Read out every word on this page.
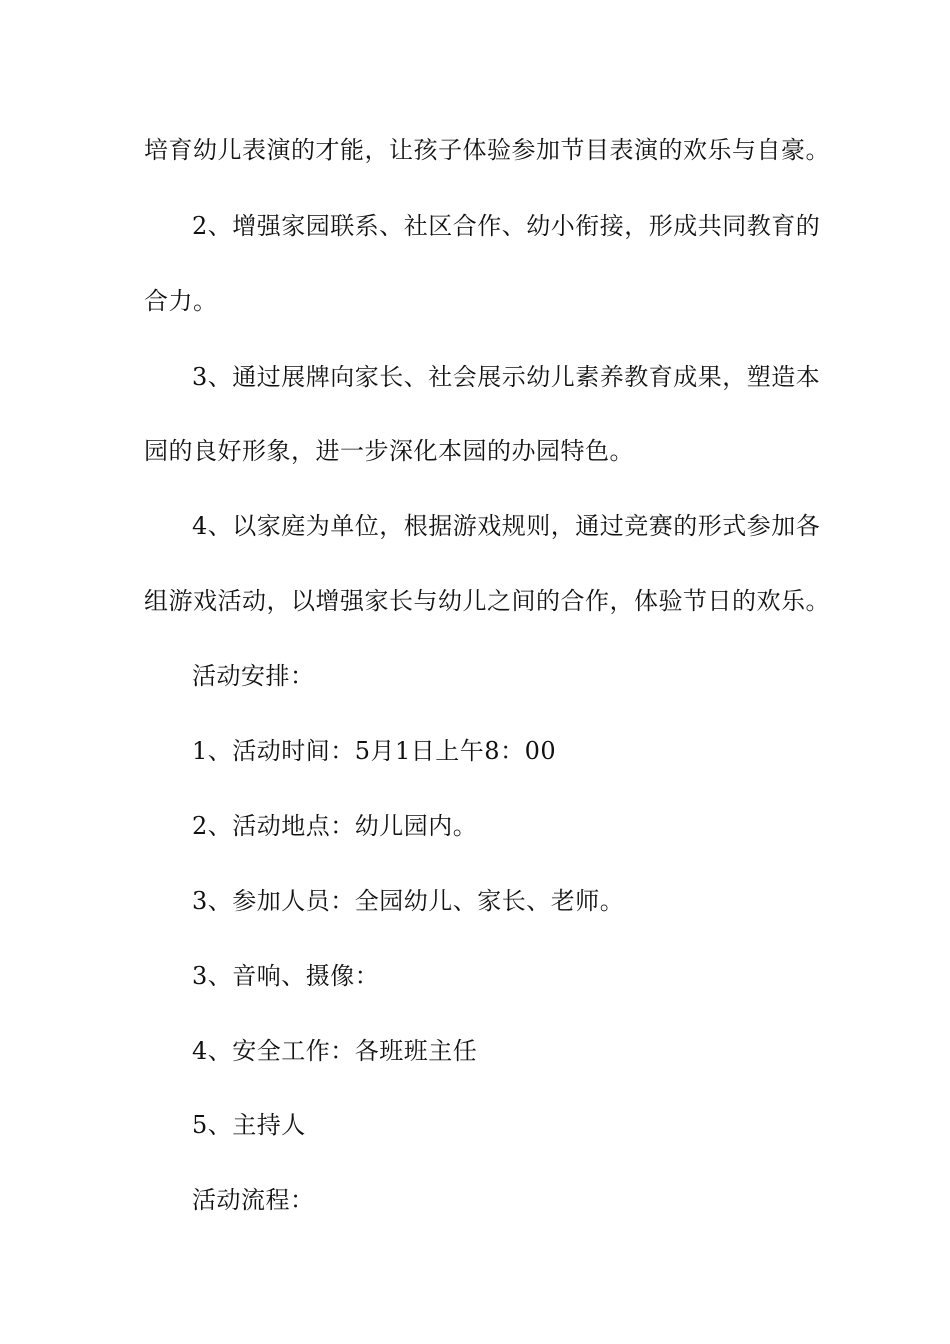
培育幼儿表演的才能，让孩子体验参加节目表演的欢乐与自豪。
2、增强家园联系、社区合作、幼小衔接，形成共同教育的
合力。
3、通过展牌向家长、社会展示幼儿素养教育成果，塑造本
园的良好形象，进一步深化本园的办园特色。
4、以家庭为单位，根据游戏规则，通过竞赛的形式参加各
组游戏活动，以增强家长与幼儿之间的合作，体验节日的欢乐。
活动安排：
1、活动时间：5月1日上午8：00
2、活动地点：幼儿园内。
3、参加人员：全园幼儿、家长、老师。
3、音响、摄像：
4、安全工作：各班班主任
5、主持人
活动流程：
